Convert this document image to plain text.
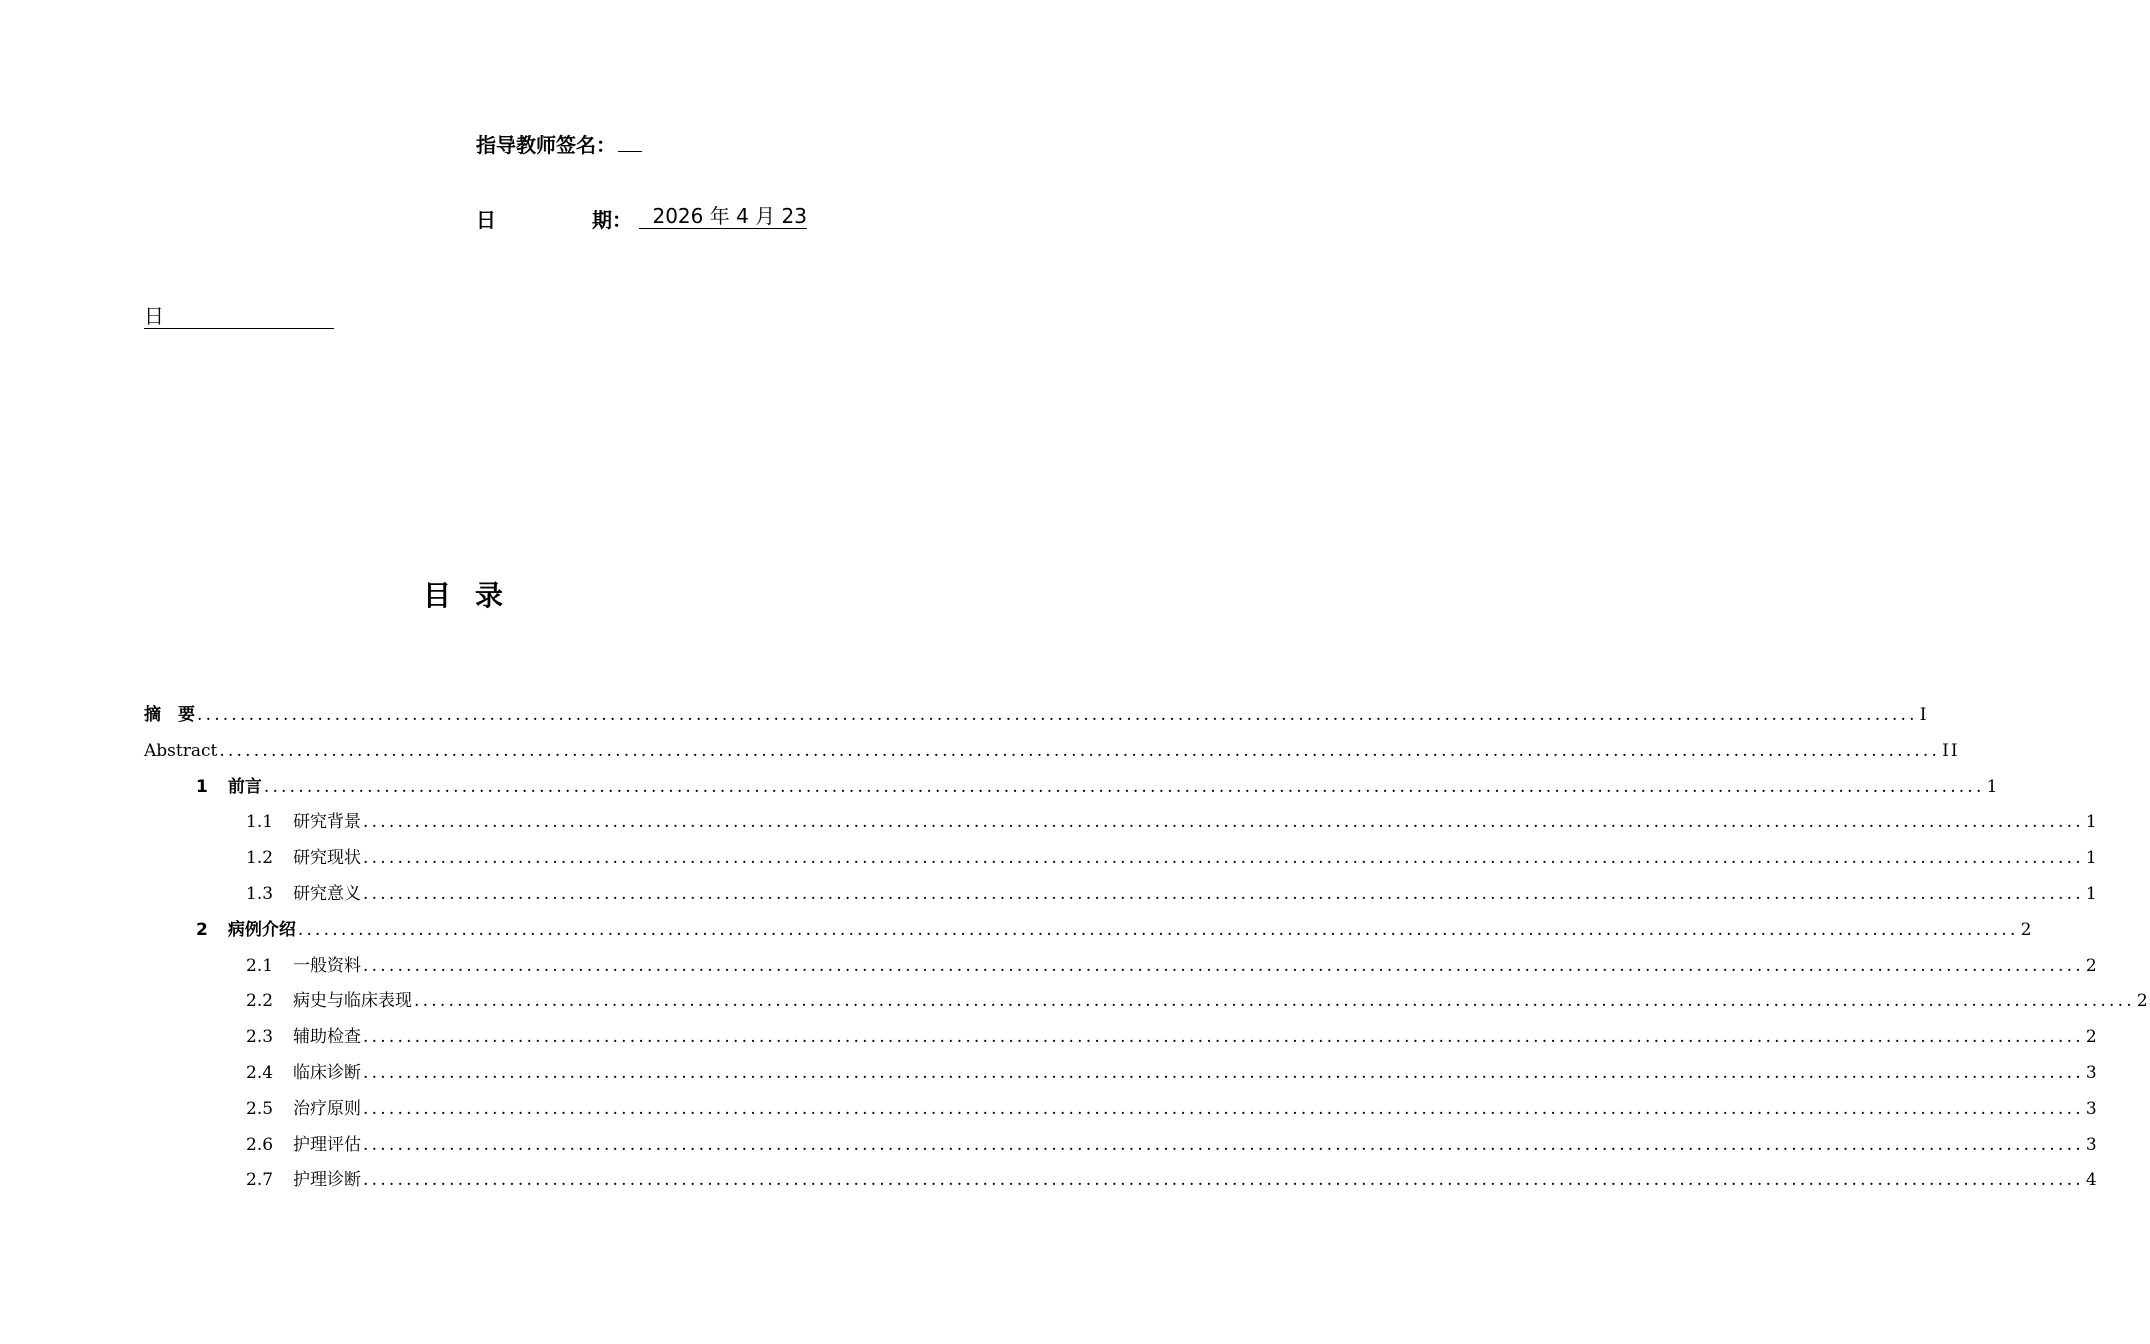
指导教师签名：
日	期：	2026 年 4 月 23
日
目录
摘　要 ........................................................................................................................................................................................................ I
Abstract ........................................................................................................................................................................................................ II
1 前言 ........................................................................................................................................................................................................ 1
1.1 研究背景 ........................................................................................................................................................................................................ 1
1.2 研究现状 ........................................................................................................................................................................................................ 1
1.3 研究意义 ........................................................................................................................................................................................................ 1
2 病例介绍 ........................................................................................................................................................................................................ 2
2.1 一般资料 ........................................................................................................................................................................................................ 2
2.2 病史与临床表现 ........................................................................................................................................................................................................ 2
2.3 辅助检查 ........................................................................................................................................................................................................ 2
2.4 临床诊断 ........................................................................................................................................................................................................ 3
2.5 治疗原则 ........................................................................................................................................................................................................ 3
2.6 护理评估 ........................................................................................................................................................................................................ 3
2.7 护理诊断 ........................................................................................................................................................................................................ 4
